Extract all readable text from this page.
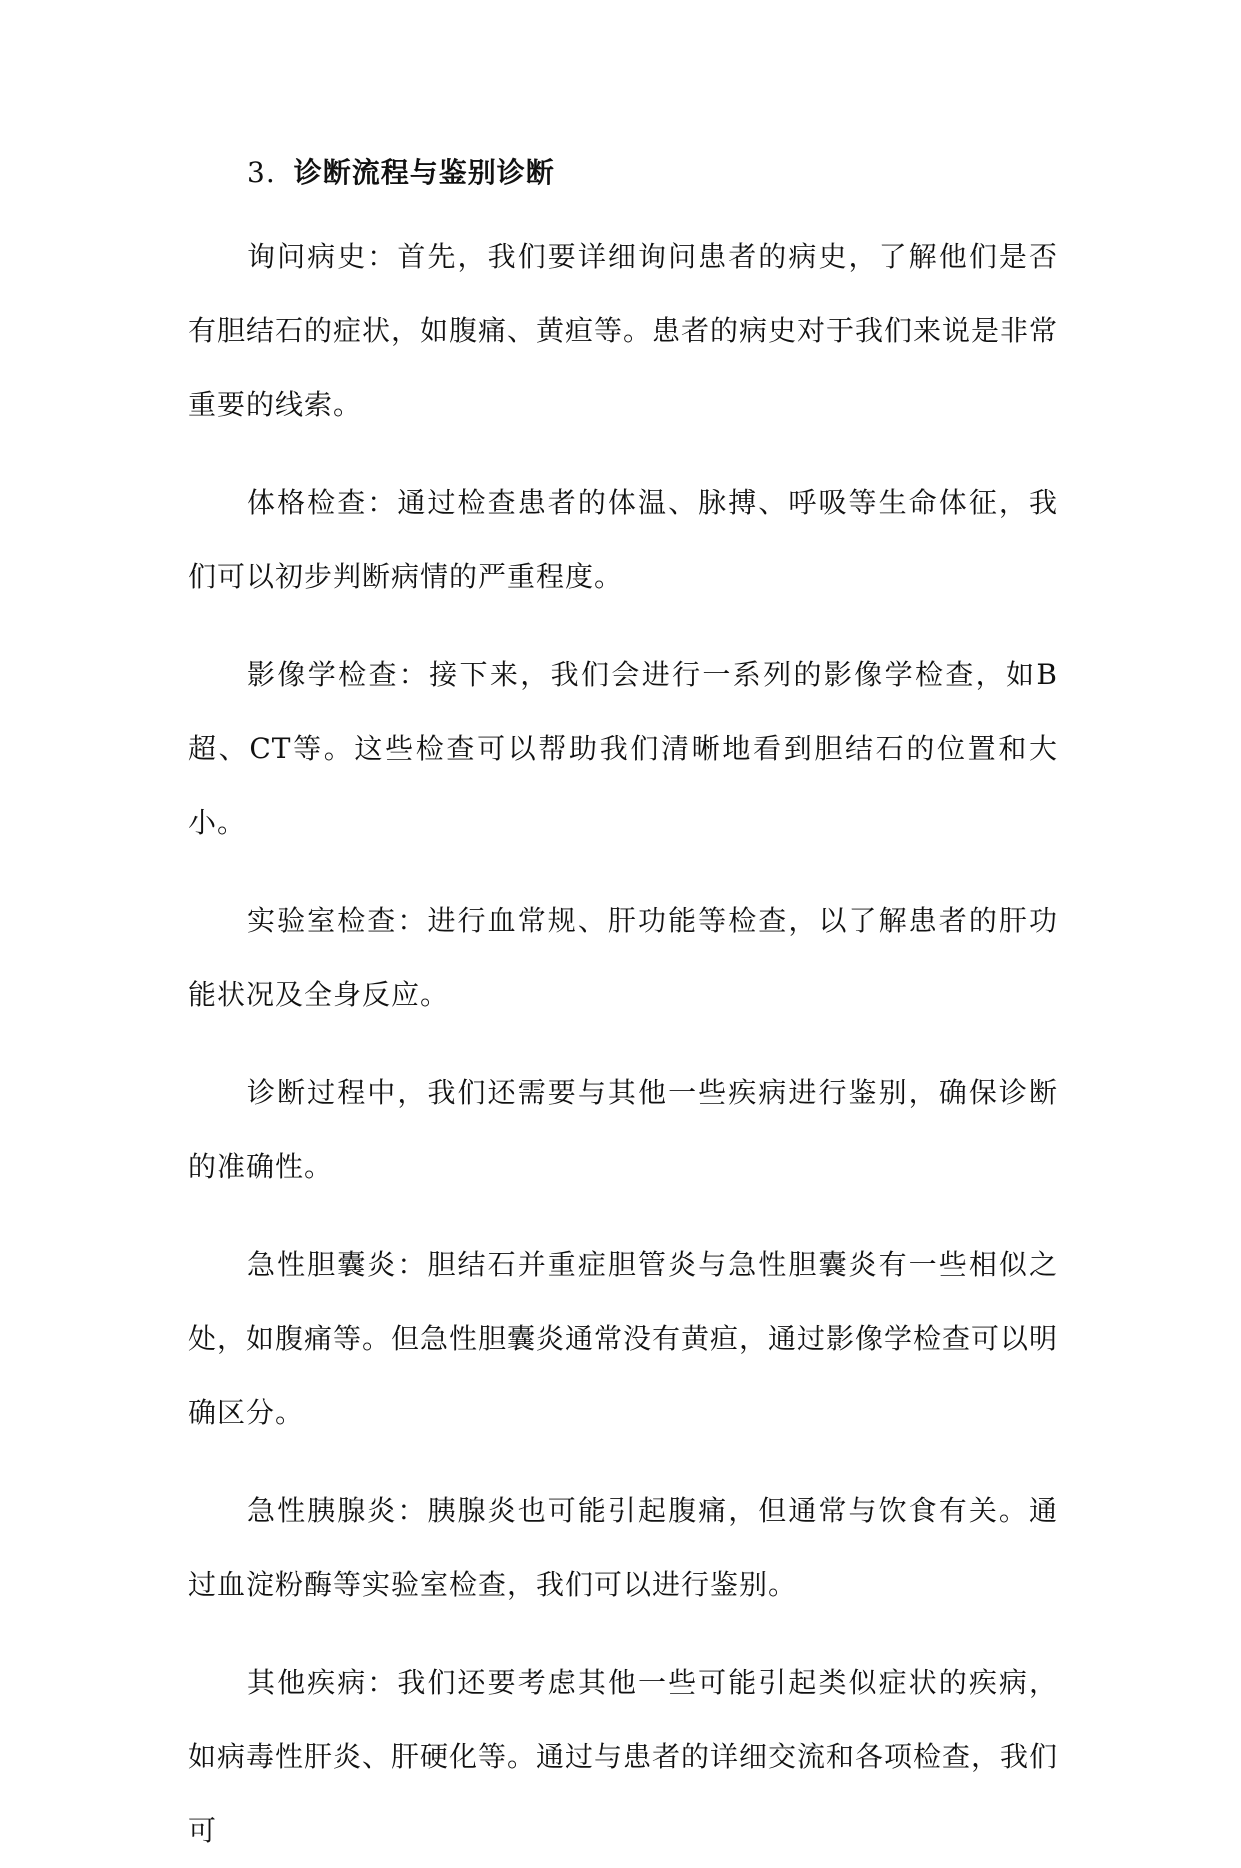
3. 诊断流程与鉴别诊断

询问病史：首先，我们要详细询问患者的病史，了解他们是否有胆结石的症状，如腹痛、黄疸等。患者的病史对于我们来说是非常重要的线索。

体格检查：通过检查患者的体温、脉搏、呼吸等生命体征，我们可以初步判断病情的严重程度。

影像学检查：接下来，我们会进行一系列的影像学检查，如B超、CT等。这些检查可以帮助我们清晰地看到胆结石的位置和大小。

实验室检查：进行血常规、肝功能等检查，以了解患者的肝功能状况及全身反应。

诊断过程中，我们还需要与其他一些疾病进行鉴别，确保诊断的准确性。

急性胆囊炎：胆结石并重症胆管炎与急性胆囊炎有一些相似之处，如腹痛等。但急性胆囊炎通常没有黄疸，通过影像学检查可以明确区分。

急性胰腺炎：胰腺炎也可能引起腹痛，但通常与饮食有关。通过血淀粉酶等实验室检查，我们可以进行鉴别。

其他疾病：我们还要考虑其他一些可能引起类似症状的疾病，如病毒性肝炎、肝硬化等。通过与患者的详细交流和各项检查，我们可
